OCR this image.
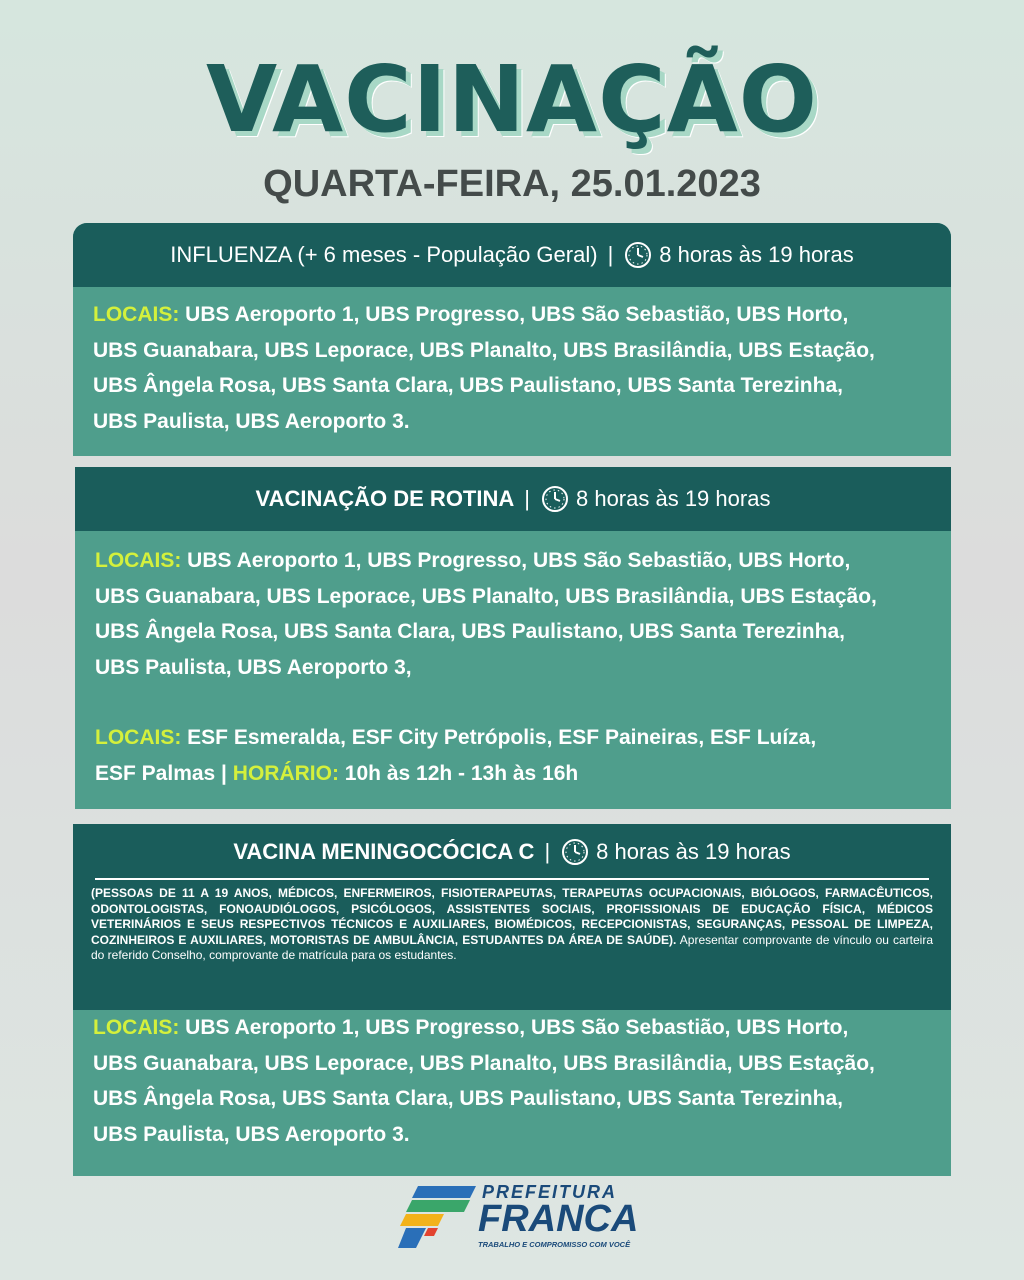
VACINAÇÃO
QUARTA-FEIRA, 25.01.2023
INFLUENZA (+ 6 meses - População Geral) | 8 horas às 19 horas
LOCAIS: UBS Aeroporto 1, UBS Progresso, UBS São Sebastião, UBS Horto,
UBS Guanabara, UBS Leporace, UBS Planalto, UBS Brasilândia, UBS Estação,
UBS Ângela Rosa, UBS Santa Clara, UBS Paulistano, UBS Santa Terezinha,
UBS Paulista, UBS Aeroporto 3.
VACINAÇÃO DE ROTINA | 8 horas às 19 horas
LOCAIS: UBS Aeroporto 1, UBS Progresso, UBS São Sebastião, UBS Horto,
UBS Guanabara, UBS Leporace, UBS Planalto, UBS Brasilândia, UBS Estação,
UBS Ângela Rosa, UBS Santa Clara, UBS Paulistano, UBS Santa Terezinha,
UBS Paulista, UBS Aeroporto 3,
LOCAIS: ESF Esmeralda, ESF City Petrópolis, ESF Paineiras, ESF Luíza,
ESF Palmas | HORÁRIO: 10h às 12h - 13h às 16h
VACINA MENINGOCÓCICA C | 8 horas às 19 horas
(PESSOAS DE 11 A 19 ANOS, MÉDICOS, ENFERMEIROS, FISIOTERAPEUTAS, TERAPEUTAS OCUPACIONAIS, BIÓLOGOS, FARMACÊUTICOS, ODONTOLOGISTAS, FONOAUDIÓLOGOS, PSICÓLOGOS, ASSISTENTES SOCIAIS, PROFISSIONAIS DE EDUCAÇÃO FÍSICA, MÉDICOS VETERINÁRIOS E SEUS RESPECTIVOS TÉCNICOS E AUXILIARES, BIOMÉDICOS, RECEPCIONISTAS, SEGURANÇAS, PESSOAL DE LIMPEZA, COZINHEIROS E AUXILIARES, MOTORISTAS DE AMBULÂNCIA, ESTUDANTES DA ÁREA DE SAÚDE). Apresentar comprovante de vínculo ou carteira do referido Conselho, comprovante de matrícula para os estudantes.
LOCAIS: UBS Aeroporto 1, UBS Progresso, UBS São Sebastião, UBS Horto,
UBS Guanabara, UBS Leporace, UBS Planalto, UBS Brasilândia, UBS Estação,
UBS Ângela Rosa, UBS Santa Clara, UBS Paulistano, UBS Santa Terezinha,
UBS Paulista, UBS Aeroporto 3.
PREFEITURA
FRANCA
TRABALHO E COMPROMISSO COM VOCÊ
